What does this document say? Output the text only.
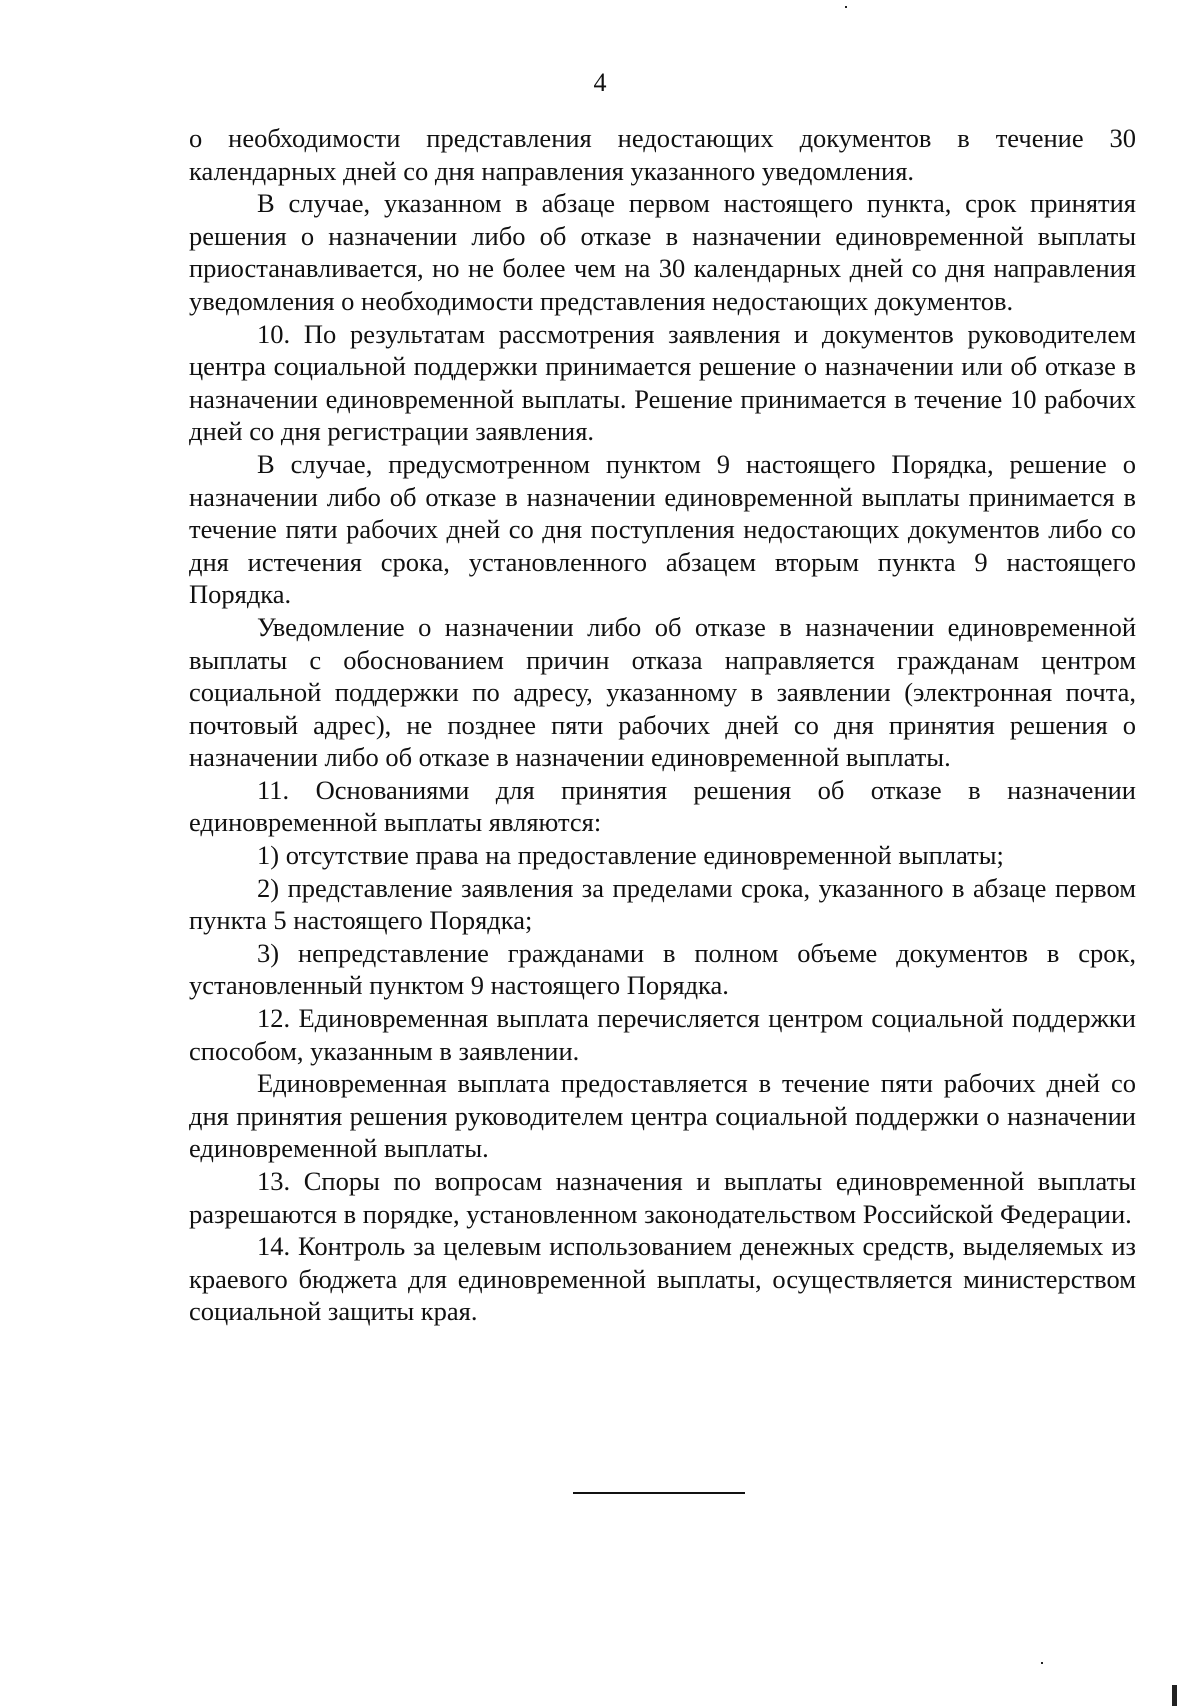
4

о необходимости представления недостающих документов в течение 30 календарных дней со дня направления указанного уведомления.

В случае, указанном в абзаце первом настоящего пункта, срок принятия решения о назначении либо об отказе в назначении единовременной выплаты приостанавливается, но не более чем на 30 календарных дней со дня направления уведомления о необходимости представления недостающих документов.

10. По результатам рассмотрения заявления и документов руководителем центра социальной поддержки принимается решение о назначении или об отказе в назначении единовременной выплаты. Решение принимается в течение 10 рабочих дней со дня регистрации заявления.

В случае, предусмотренном пунктом 9 настоящего Порядка, решение о назначении либо об отказе в назначении единовременной выплаты принимается в течение пяти рабочих дней со дня поступления недостающих документов либо со дня истечения срока, установленного абзацем вторым пункта 9 настоящего Порядка.

Уведомление о назначении либо об отказе в назначении единовременной выплаты с обоснованием причин отказа направляется гражданам центром социальной поддержки по адресу, указанному в заявлении (электронная почта, почтовый адрес), не позднее пяти рабочих дней со дня принятия решения о назначении либо об отказе в назначении единовременной выплаты.

11. Основаниями для принятия решения об отказе в назначении единовременной выплаты являются:

1) отсутствие права на предоставление единовременной выплаты;

2) представление заявления за пределами срока, указанного в абзаце первом пункта 5 настоящего Порядка;

3) непредставление гражданами в полном объеме документов в срок, установленный пунктом 9 настоящего Порядка.

12. Единовременная выплата перечисляется центром социальной поддержки способом, указанным в заявлении.

Единовременная выплата предоставляется в течение пяти рабочих дней со дня принятия решения руководителем центра социальной поддержки о назначении единовременной выплаты.

13. Споры по вопросам назначения и выплаты единовременной выплаты разрешаются в порядке, установленном законодательством Российской Федерации.

14. Контроль за целевым использованием денежных средств, выделяемых из краевого бюджета для единовременной выплаты, осуществляется министерством социальной защиты края.
